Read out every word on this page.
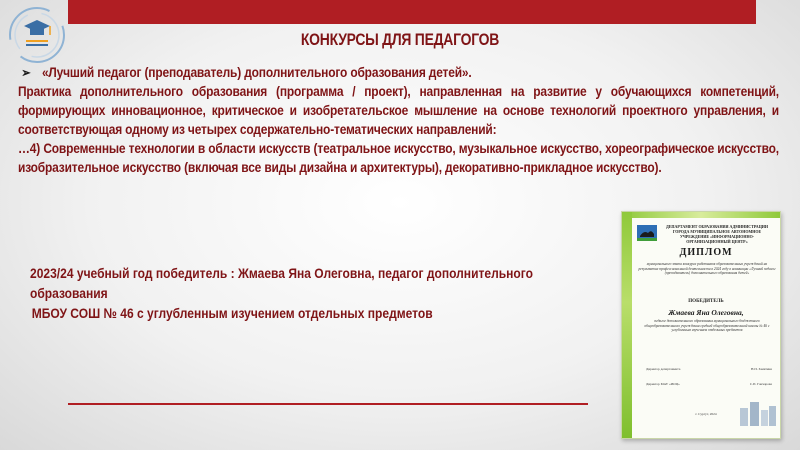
КОНКУРСЫ ДЛЯ ПЕДАГОГОВ
➢ «Лучший педагог (преподаватель) дополнительного образования детей».

Практика дополнительного образования (программа / проект), направленная на развитие у обучающихся компетенций, формирующих инновационное, критическое и изобретательское мышление на основе технологий проектного управления, и соответствующая одному из четырех содержательно-тематических направлений:

…4) Современные технологии в области искусств (театральное искусство, музыкальное искусство, хореографическое искусство, изобразительное искусство (включая все виды дизайна и архитектуры), декоративно-прикладное искусство).

2023/24 учебный год победитель : Жмаева Яна Олеговна, педагог дополнительного образования
МБОУ СОШ № 46 с углубленным изучением отдельных предметов
ДЕПАРТАМЕНТ ОБРАЗОВАНИЯ АДМИНИСТРАЦИИ ГОРОДА МУНИЦИПАЛЬНОЕ АВТОНОМНОЕ УЧРЕЖДЕНИЕ «ИНФОРМАЦИОННО-ОРГАНИЗАЦИОННЫЙ ЦЕНТР»
ДИПЛОМ
муниципального этапа конкурса работников образовательных учреждений на результатах профессиональной деятельности в 2024 году в номинации «Лучший педагог (преподаватель) дополнительного образования детей»
ПОБЕДИТЕЛЬ
Жмаева Яна Олеговна,
педагог дополнительного образования муниципального бюджетного общеобразовательного учреждения средней общеобразовательной школы № 46 с углубленным изучением отдельных предметов
Директор департамента	Н.П. Замятина
Директор МАУ «ИОЦ»	С.П. Гончарова
г. Сургут, 2024
